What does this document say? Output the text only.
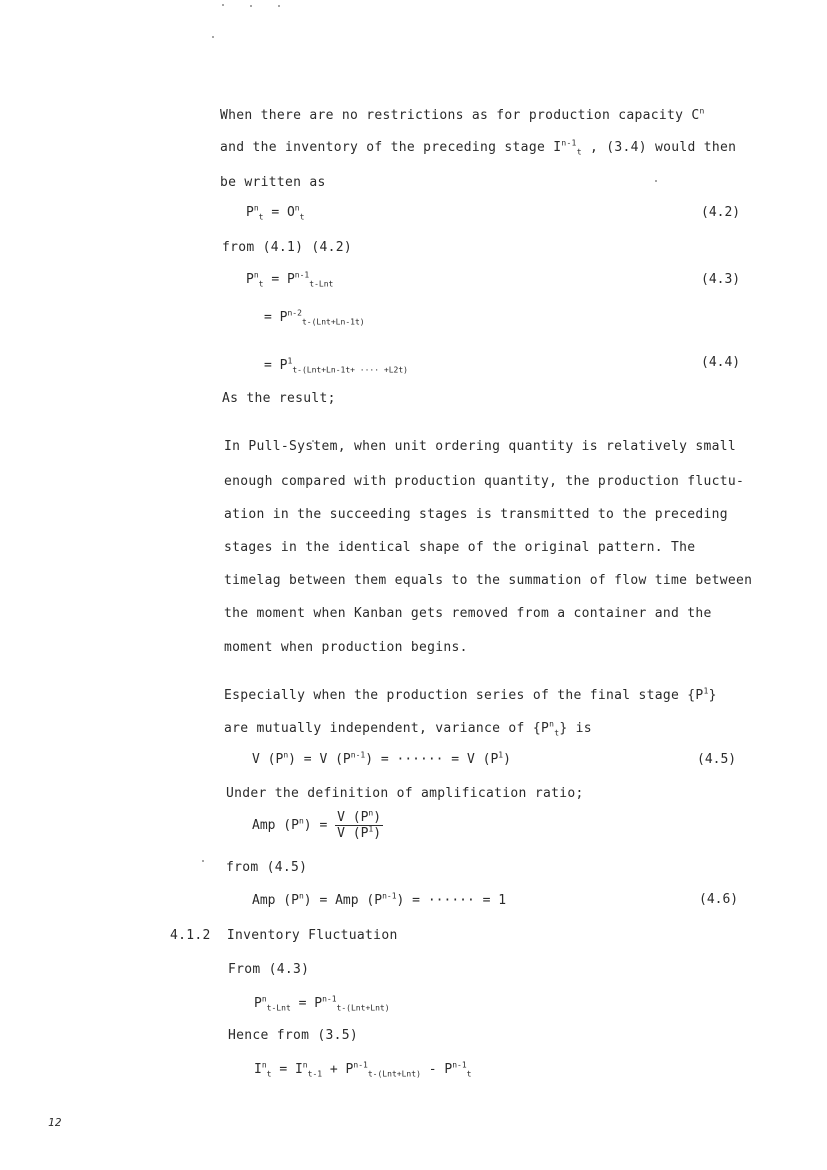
When there are no restrictions as for production capacity $C^n$
and the inventory of the preceding stage $I^{n-1}_t$ , (3.4) would then
be written as
$P^n_t = O^n_t$	(4.2)
from (4.1) (4.2)
$P^n_t = P^{n-1}_{t-Lnt}$	(4.3)
= $P^{n-2}_{t-(Lnt+Ln-1t)}$
= $P^1_{t-(Lnt+Ln-1t+ \cdot\cdot\cdot\cdot +L2t)}$
(4.4)
As the result;
In Pull-System, when unit ordering quantity is relatively small
enough compared with production quantity, the production fluctu-
ation in the succeeding stages is transmitted to the preceding
stages in the identical shape of the original pattern. The
timelag between them equals to the summation of flow time between
the moment when Kanban gets removed from a container and the
moment when production begins.
Especially when the production series of the final stage $\{P^1\}$
are mutually independent, variance of $\{P^n_t\}$ is
V $(P^n) = V$ $(P^{n-1})$ = ······ = V $(P^1)$	(4.5)
Under the definition of amplification ratio;
Amp $(P^n) = \frac{V (P^n)}{V (P^1)}$
from (4.5)
Amp $(P^n)$ = Amp $(P^{n-1})$ = ······ = 1	(4.6)
4.1.2 Inventory Fluctuation
From (4.3)
$P^n_{t-Lnt} = P^{n-1}_{t-(Lnt+Lnt)}$
Hence from (3.5)
$I^n_t = I^n_{t-1} + P^{n-1}_{t-(Lnt+Lnt)} - P^{n-1}_t$
12
